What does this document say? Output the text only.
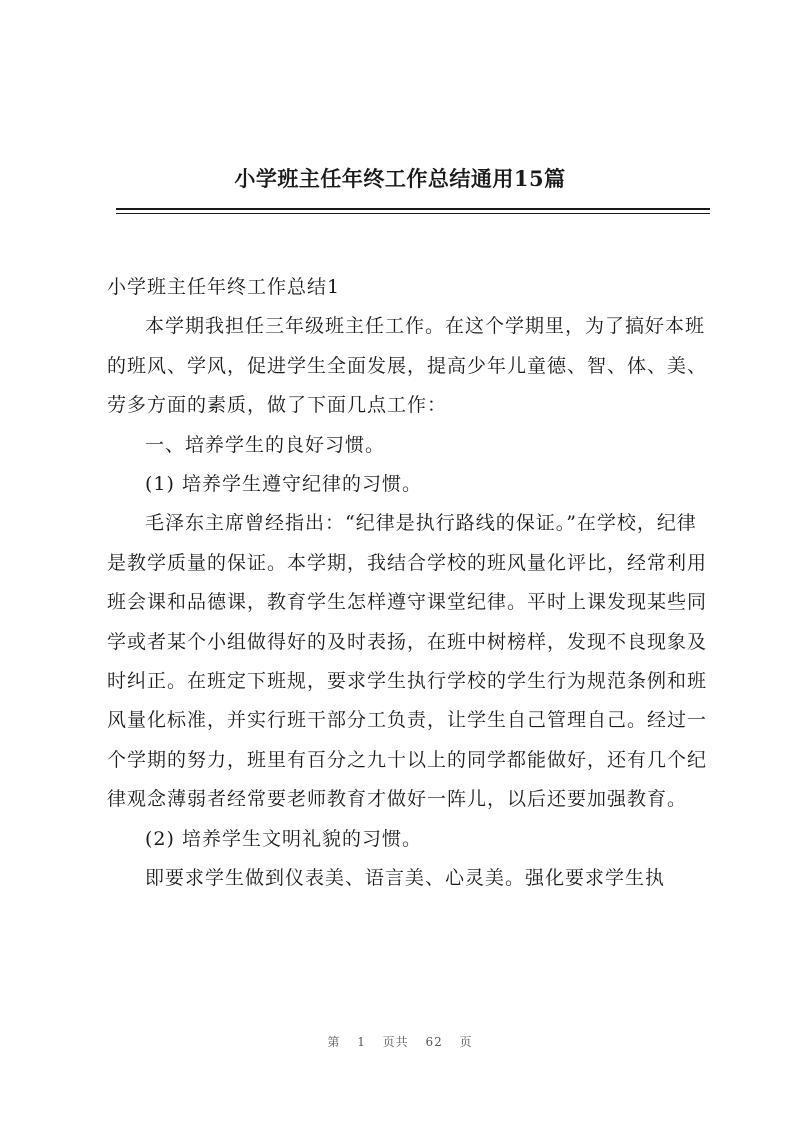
小学班主任年终工作总结通用15篇

小学班主任年终工作总结1

本学期我担任三年级班主任工作。在这个学期里，为了搞好本班的班风、学风，促进学生全面发展，提高少年儿童德、智、体、美、劳多方面的素质，做了下面几点工作：

一、培养学生的良好习惯。

(1) 培养学生遵守纪律的习惯。

毛泽东主席曾经指出：“纪律是执行路线的保证。”在学校，纪律是教学质量的保证。本学期，我结合学校的班风量化评比，经常利用班会课和品德课，教育学生怎样遵守课堂纪律。平时上课发现某些同学或者某个小组做得好的及时表扬，在班中树榜样，发现不良现象及时纠正。在班定下班规，要求学生执行学校的学生行为规范条例和班风量化标准，并实行班干部分工负责，让学生自己管理自己。经过一个学期的努力，班里有百分之九十以上的同学都能做好，还有几个纪律观念薄弱者经常要老师教育才做好一阵儿，以后还要加强教育。

(2) 培养学生文明礼貌的习惯。

即要求学生做到仪表美、语言美、心灵美。强化要求学生执

第 1 页共 62 页
